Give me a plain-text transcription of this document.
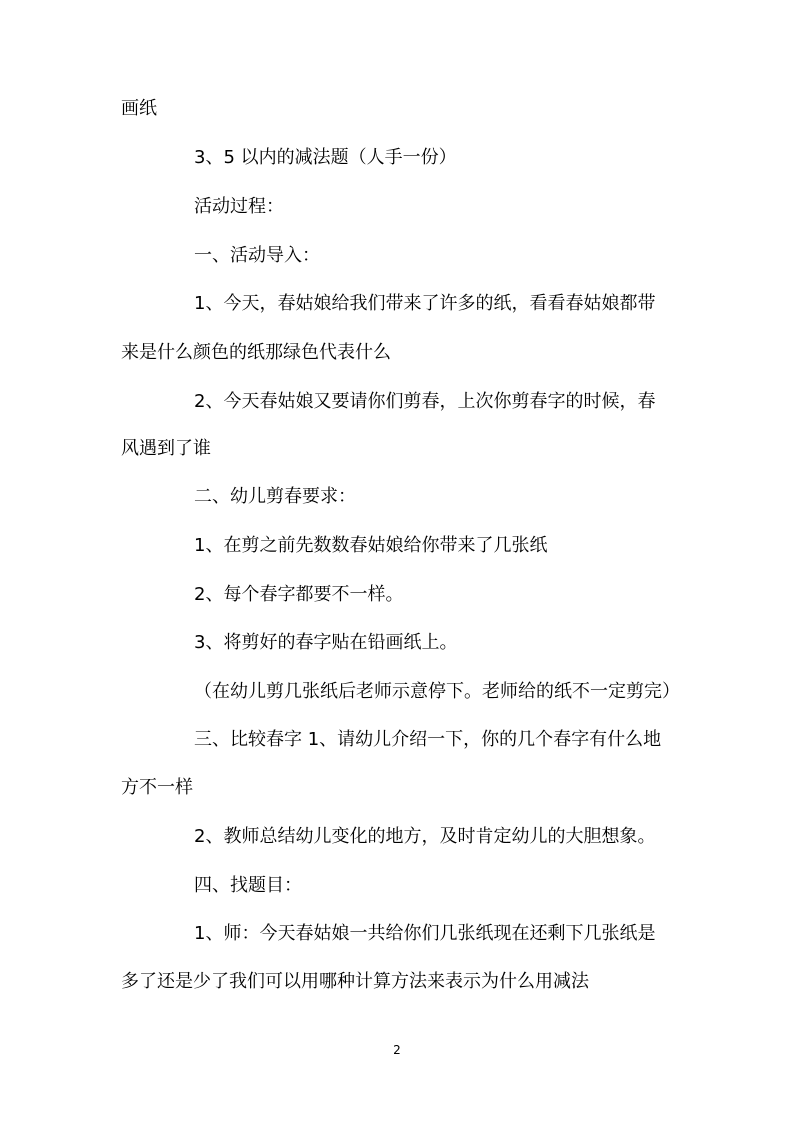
画纸
3、5 以内的减法题（人手一份）
活动过程：
一、活动导入：
1、今天，春姑娘给我们带来了许多的纸，看看春姑娘都带
来是什么颜色的纸那绿色代表什么
2、今天春姑娘又要请你们剪春，上次你剪春字的时候，春
风遇到了谁
二、幼儿剪春要求：
1、在剪之前先数数春姑娘给你带来了几张纸
2、每个春字都要不一样。
3、将剪好的春字贴在铅画纸上。
（在幼儿剪几张纸后老师示意停下。老师给的纸不一定剪完）
三、比较春字 1、请幼儿介绍一下，你的几个春字有什么地
方不一样
2、教师总结幼儿变化的地方，及时肯定幼儿的大胆想象。
四、找题目：
1、师：今天春姑娘一共给你们几张纸现在还剩下几张纸是
多了还是少了我们可以用哪种计算方法来表示为什么用减法
2
